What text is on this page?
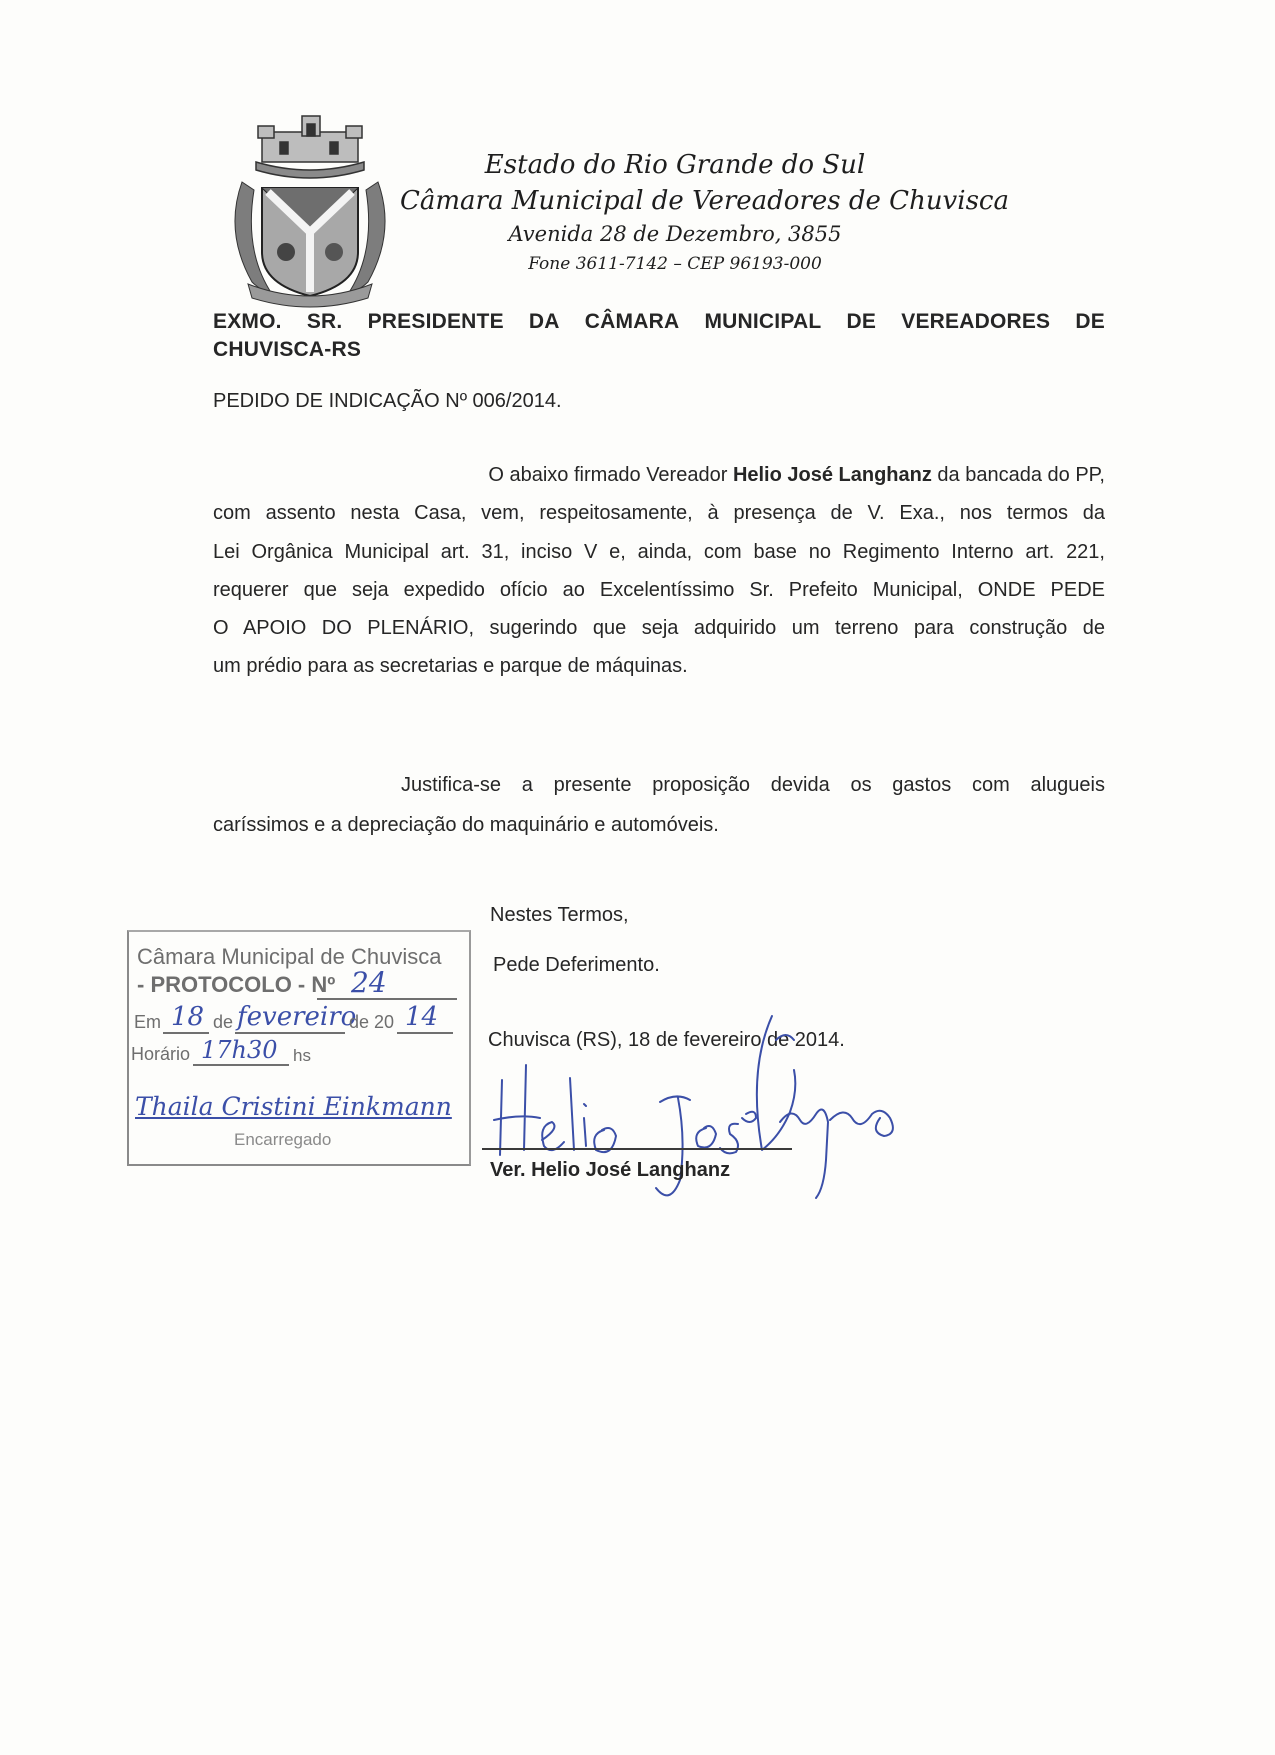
Estado do Rio Grande do Sul
Câmara Municipal de Vereadores de Chuvisca
Avenida 28 de Dezembro, 3855
Fone 3611-7142 – CEP 96193-000
EXMO. SR. PRESIDENTE DA CÂMARA MUNICIPAL DE VEREADORES DE
CHUVISCA-RS
PEDIDO DE INDICAÇÃO Nº 006/2014.
O abaixo firmado Vereador Helio José Langhanz da bancada do PP,
com assento nesta Casa, vem, respeitosamente, à presença de V. Exa., nos termos da
Lei Orgânica Municipal art. 31, inciso V e, ainda, com base no Regimento Interno art. 221,
requerer que seja expedido ofício ao Excelentíssimo Sr. Prefeito Municipal, ONDE PEDE
O APOIO DO PLENÁRIO, sugerindo que seja adquirido um terreno para construção de
um prédio para as secretarias e parque de máquinas.
Justifica-se a presente proposição devida os gastos com alugueis
caríssimos e a depreciação do maquinário e automóveis.
Nestes Termos,
Pede Deferimento.
Chuvisca (RS), 18 de fevereiro de 2014.
Ver. Helio José Langhanz
Câmara Municipal de Chuvisca
- PROTOCOLO - Nº 24
Em 18 de fevereiro
de 20 14
Horário 17h30 hs
Thaila Cristini Einkmann
Encarregado
